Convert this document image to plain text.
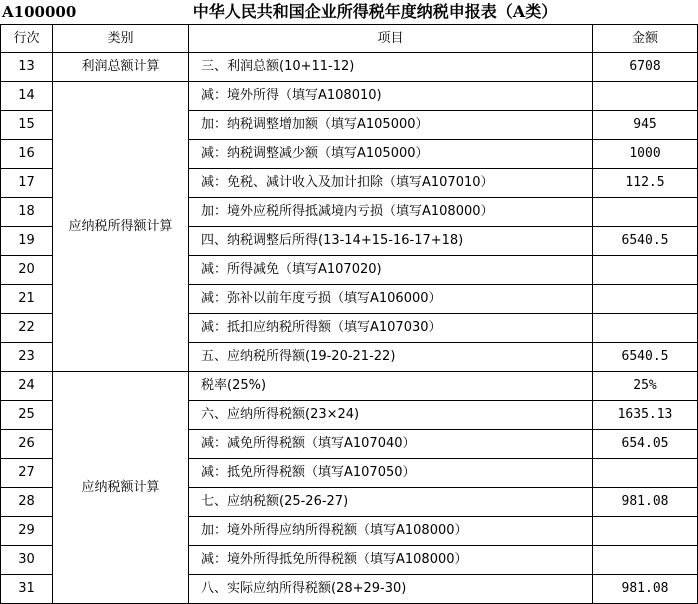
A100000	中华人民共和国企业所得税年度纳税申报表（A类）
行次	类别	项目	金额
13	利润总额计算	三、利润总额(10+11-12)	6708
14	应纳税所得额计算	减：境外所得（填写A108010)	
15		加：纳税调整增加额（填写A105000）	945
16		减：纳税调整减少额（填写A105000）	1000
17		减：免税、减计收入及加计扣除（填写A107010）	112.5
18		加：境外应税所得抵减境内亏损（填写A108000）	
19		四、纳税调整后所得(13-14+15-16-17+18)	6540.5
20		减：所得减免（填写A107020)	
21		减：弥补以前年度亏损（填写A106000）	
22		减：抵扣应纳税所得额（填写A107030）	
23		五、应纳税所得额(19-20-21-22)	6540.5
24	应纳税额计算	税率(25%)	25%
25		六、应纳所得税额(23×24)	1635.13
26		减：减免所得税额（填写A107040）	654.05
27		减：抵免所得税额（填写A107050）	
28		七、应纳税额(25-26-27)	981.08
29		加：境外所得应纳所得税额（填写A108000）	
30		减：境外所得抵免所得税额（填写A108000）	
31		八、实际应纳所得税额(28+29-30)	981.08
